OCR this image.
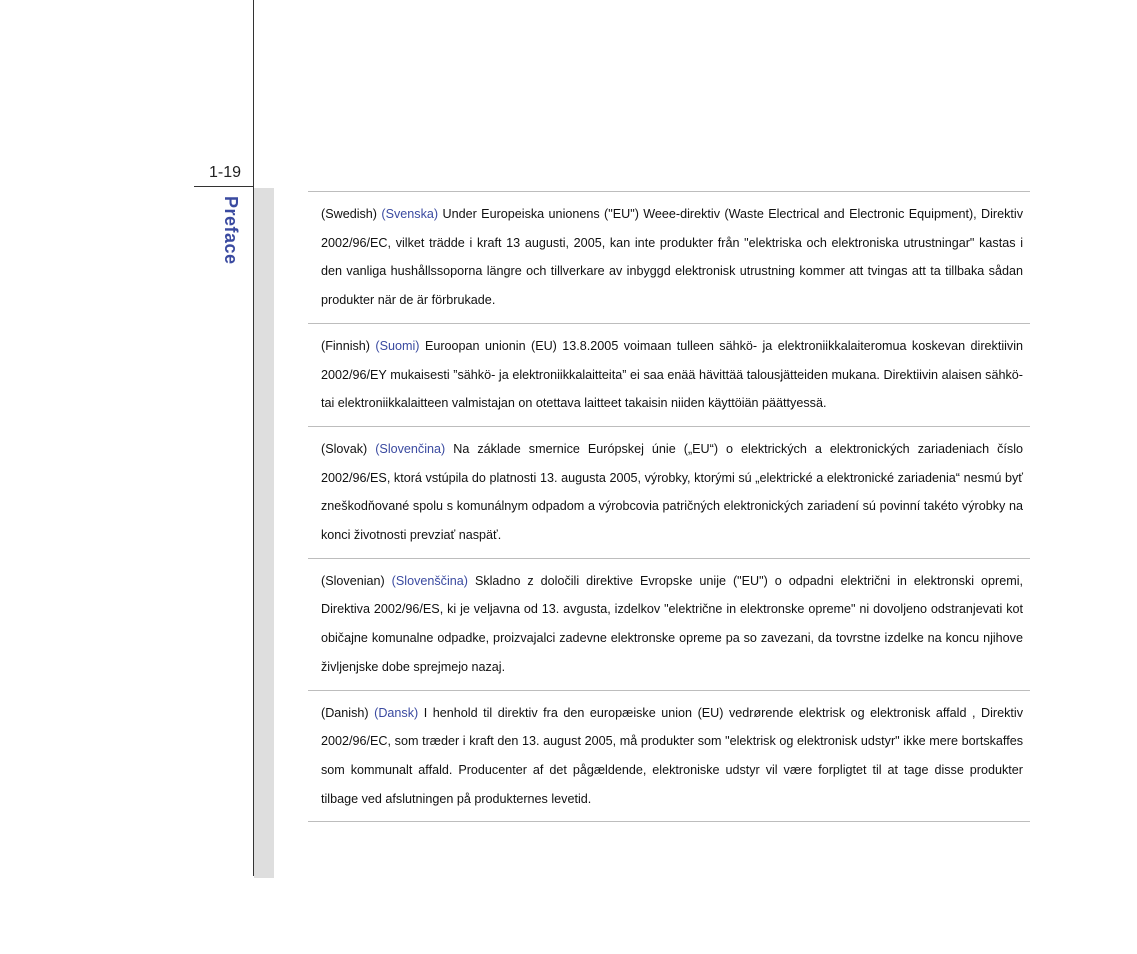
1-19
Preface	(Swedish) (Svenska) Under Europeiska unionens ("EU") Weee-direktiv (Waste Electrical and Electronic Equipment), Direktiv 2002/96/EC, vilket trädde i kraft 13 augusti, 2005, kan inte produkter från "elektriska och elektroniska utrustningar" kastas i den vanliga hushållssoporna längre och tillverkare av inbyggd elektronisk utrustning kommer att tvingas att ta tillbaka sådan produkter när de är förbrukade.
(Finnish) (Suomi) Euroopan unionin (EU) 13.8.2005 voimaan tulleen sähkö- ja elektroniikkalaiteromua koskevan direktiivin 2002/96/EY mukaisesti ”sähkö- ja elektroniikkalaitteita” ei saa enää hävittää talousjätteiden mukana. Direktiivin alaisen sähkö- tai elektroniikkalaitteen valmistajan on otettava laitteet takaisin niiden käyttöiän päättyessä.
(Slovak) (Slovenčina) Na základe smernice Európskej únie („EU“) o elektrických a elektronických zariadeniach číslo 2002/96/ES, ktorá vstúpila do platnosti 13. augusta 2005, výrobky, ktorými sú „elektrické a elektronické zariadenia“ nesmú byť zneškodňované spolu s komunálnym odpadom a výrobcovia patričných elektronických zariadení sú povinní takéto výrobky na konci životnosti prevziať naspäť.
(Slovenian) (Slovenščina) Skladno z določili direktive Evropske unije ("EU") o odpadni električni in elektronski opremi, Direktiva 2002/96/ES, ki je veljavna od 13. avgusta, izdelkov "električne in elektronske opreme" ni dovoljeno odstranjevati kot običajne komunalne odpadke, proizvajalci zadevne elektronske opreme pa so zavezani, da tovrstne izdelke na koncu njihove življenjske dobe sprejmejo nazaj.
(Danish) (Dansk) I henhold til direktiv fra den europæiske union (EU) vedrørende elektrisk og elektronisk affald , Direktiv 2002/96/EC, som træder i kraft den 13. august 2005, må produkter som "elektrisk og elektronisk udstyr" ikke mere bortskaffes som kommunalt affald. Producenter af det pågældende, elektroniske udstyr vil være forpligtet til at tage disse produkter tilbage ved afslutningen på produkternes levetid.
